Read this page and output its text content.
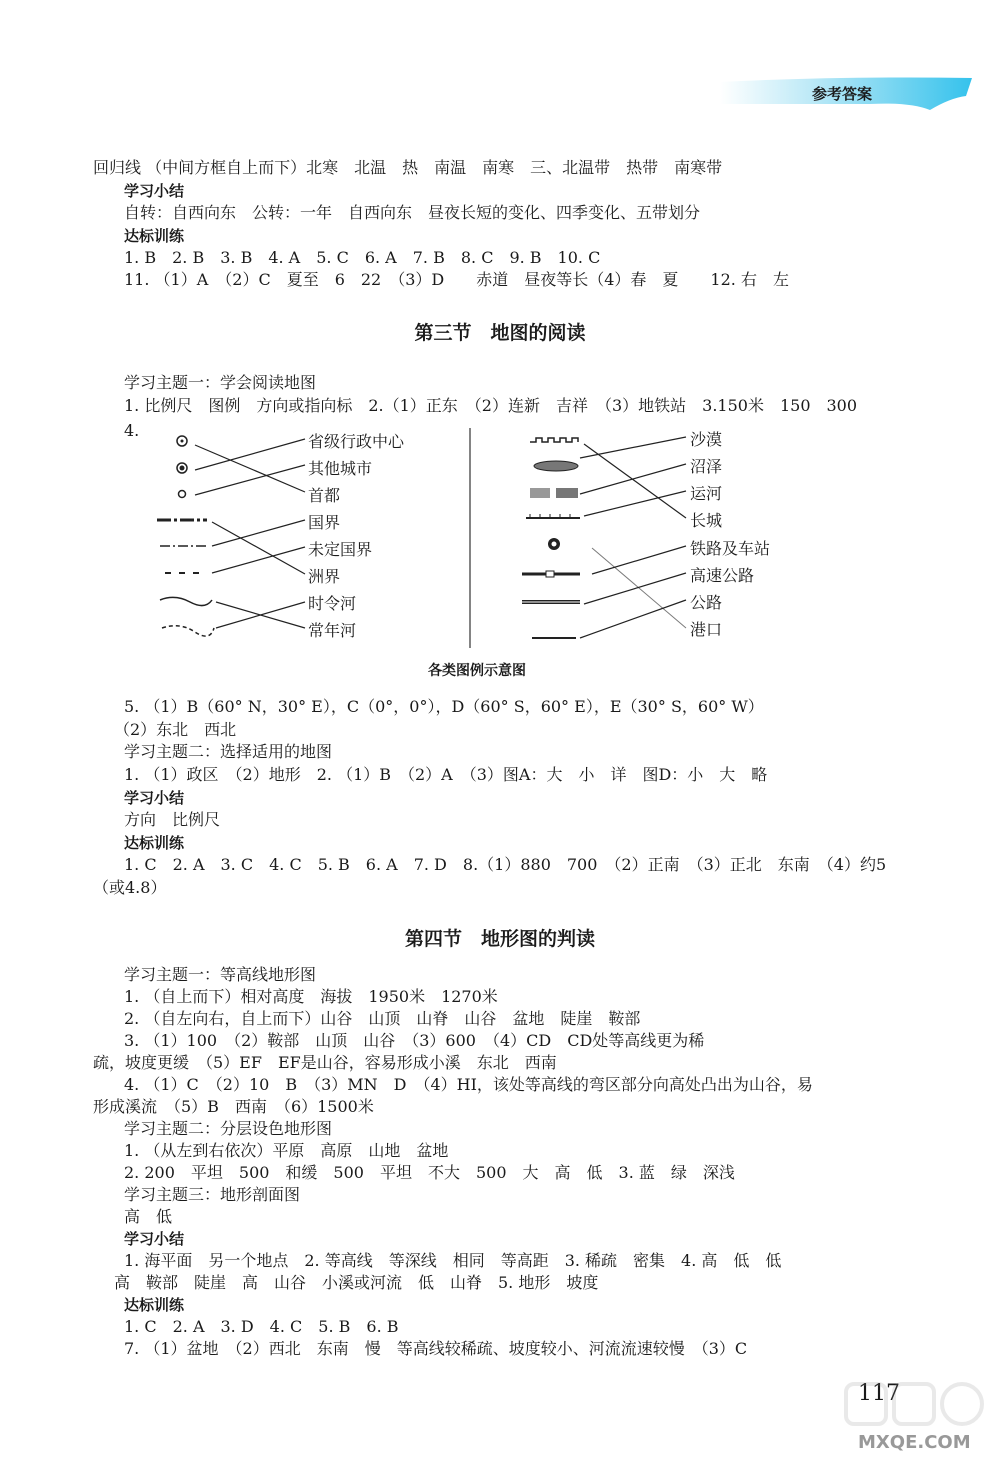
参考答案
回归线 （中间方框自上而下）北寒　北温　热　南温　南寒　三、北温带　热带　南寒带
学习小结
自转：自西向东　公转：一年　自西向东　昼夜长短的变化、四季变化、五带划分
达标训练
1. B　2. B　3. B　4. A　5. C　6. A　7. B　8. C　9. B　10. C
11. （1）A　（2）C　夏至　6　22　（3）D　　赤道　昼夜等长（4）春　夏　　12. 右　左
第三节　地图的阅读
学习主题一：学会阅读地图
1. 比例尺　图例　方向或指向标　2.（1）正东　（2）连新　吉祥　（3）地铁站　3.150米　150　300
4.
省级行政中心
其他城市
首都
国界
未定国界
洲界
时令河
常年河
沙漠
沼泽
运河
长城
铁路及车站
高速公路
公路
港口
各类图例示意图
5. （1）B（60° N，30° E），C（0°，0°），D（60° S，60° E），E（30° S，60° W）
（2）东北　西北
学习主题二：选择适用的地图
1. （1）政区　（2）地形　2. （1）B　（2）A　（3）图A：大　小　详　图D：小　大　略
学习小结
方向　比例尺
达标训练
1. C　2. A　3. C　4. C　5. B　6. A　7. D　8.（1）880　700　（2）正南　（3）正北　东南　（4）约5
（或4.8）
第四节　地形图的判读
学习主题一：等高线地形图
1. （自上而下）相对高度　海拔　1950米　1270米
2. （自左向右，自上而下）山谷　山顶　山脊　山谷　盆地　陡崖　鞍部
3. （1）100　（2）鞍部　山顶　山谷　（3）600　（4）CD　CD处等高线更为稀
疏，坡度更缓　（5）EF　EF是山谷，容易形成小溪　东北　西南
4. （1）C　（2）10　B　（3）MN　D　（4）HI，该处等高线的弯区部分向高处凸出为山谷，易
形成溪流　（5）B　西南　（6）1500米
学习主题二：分层设色地形图
1. （从左到右依次）平原　高原　山地　盆地
2. 200　平坦　500　和缓　500　平坦　不大　500　大　高　低　3. 蓝　绿　深浅
学习主题三：地形剖面图
高　低
学习小结
1. 海平面　另一个地点　2. 等高线　等深线　相同　等高距　3. 稀疏　密集　4. 高　低　低
高　鞍部　陡崖　高　山谷　小溪或河流　低　山脊　5. 地形　坡度
达标训练
1. C　2. A　3. D　4. C　5. B　6. B
7. （1）盆地　（2）西北　东南　慢　等高线较稀疏、坡度较小、河流流速较慢　（3）C
117
MXQE.COM
